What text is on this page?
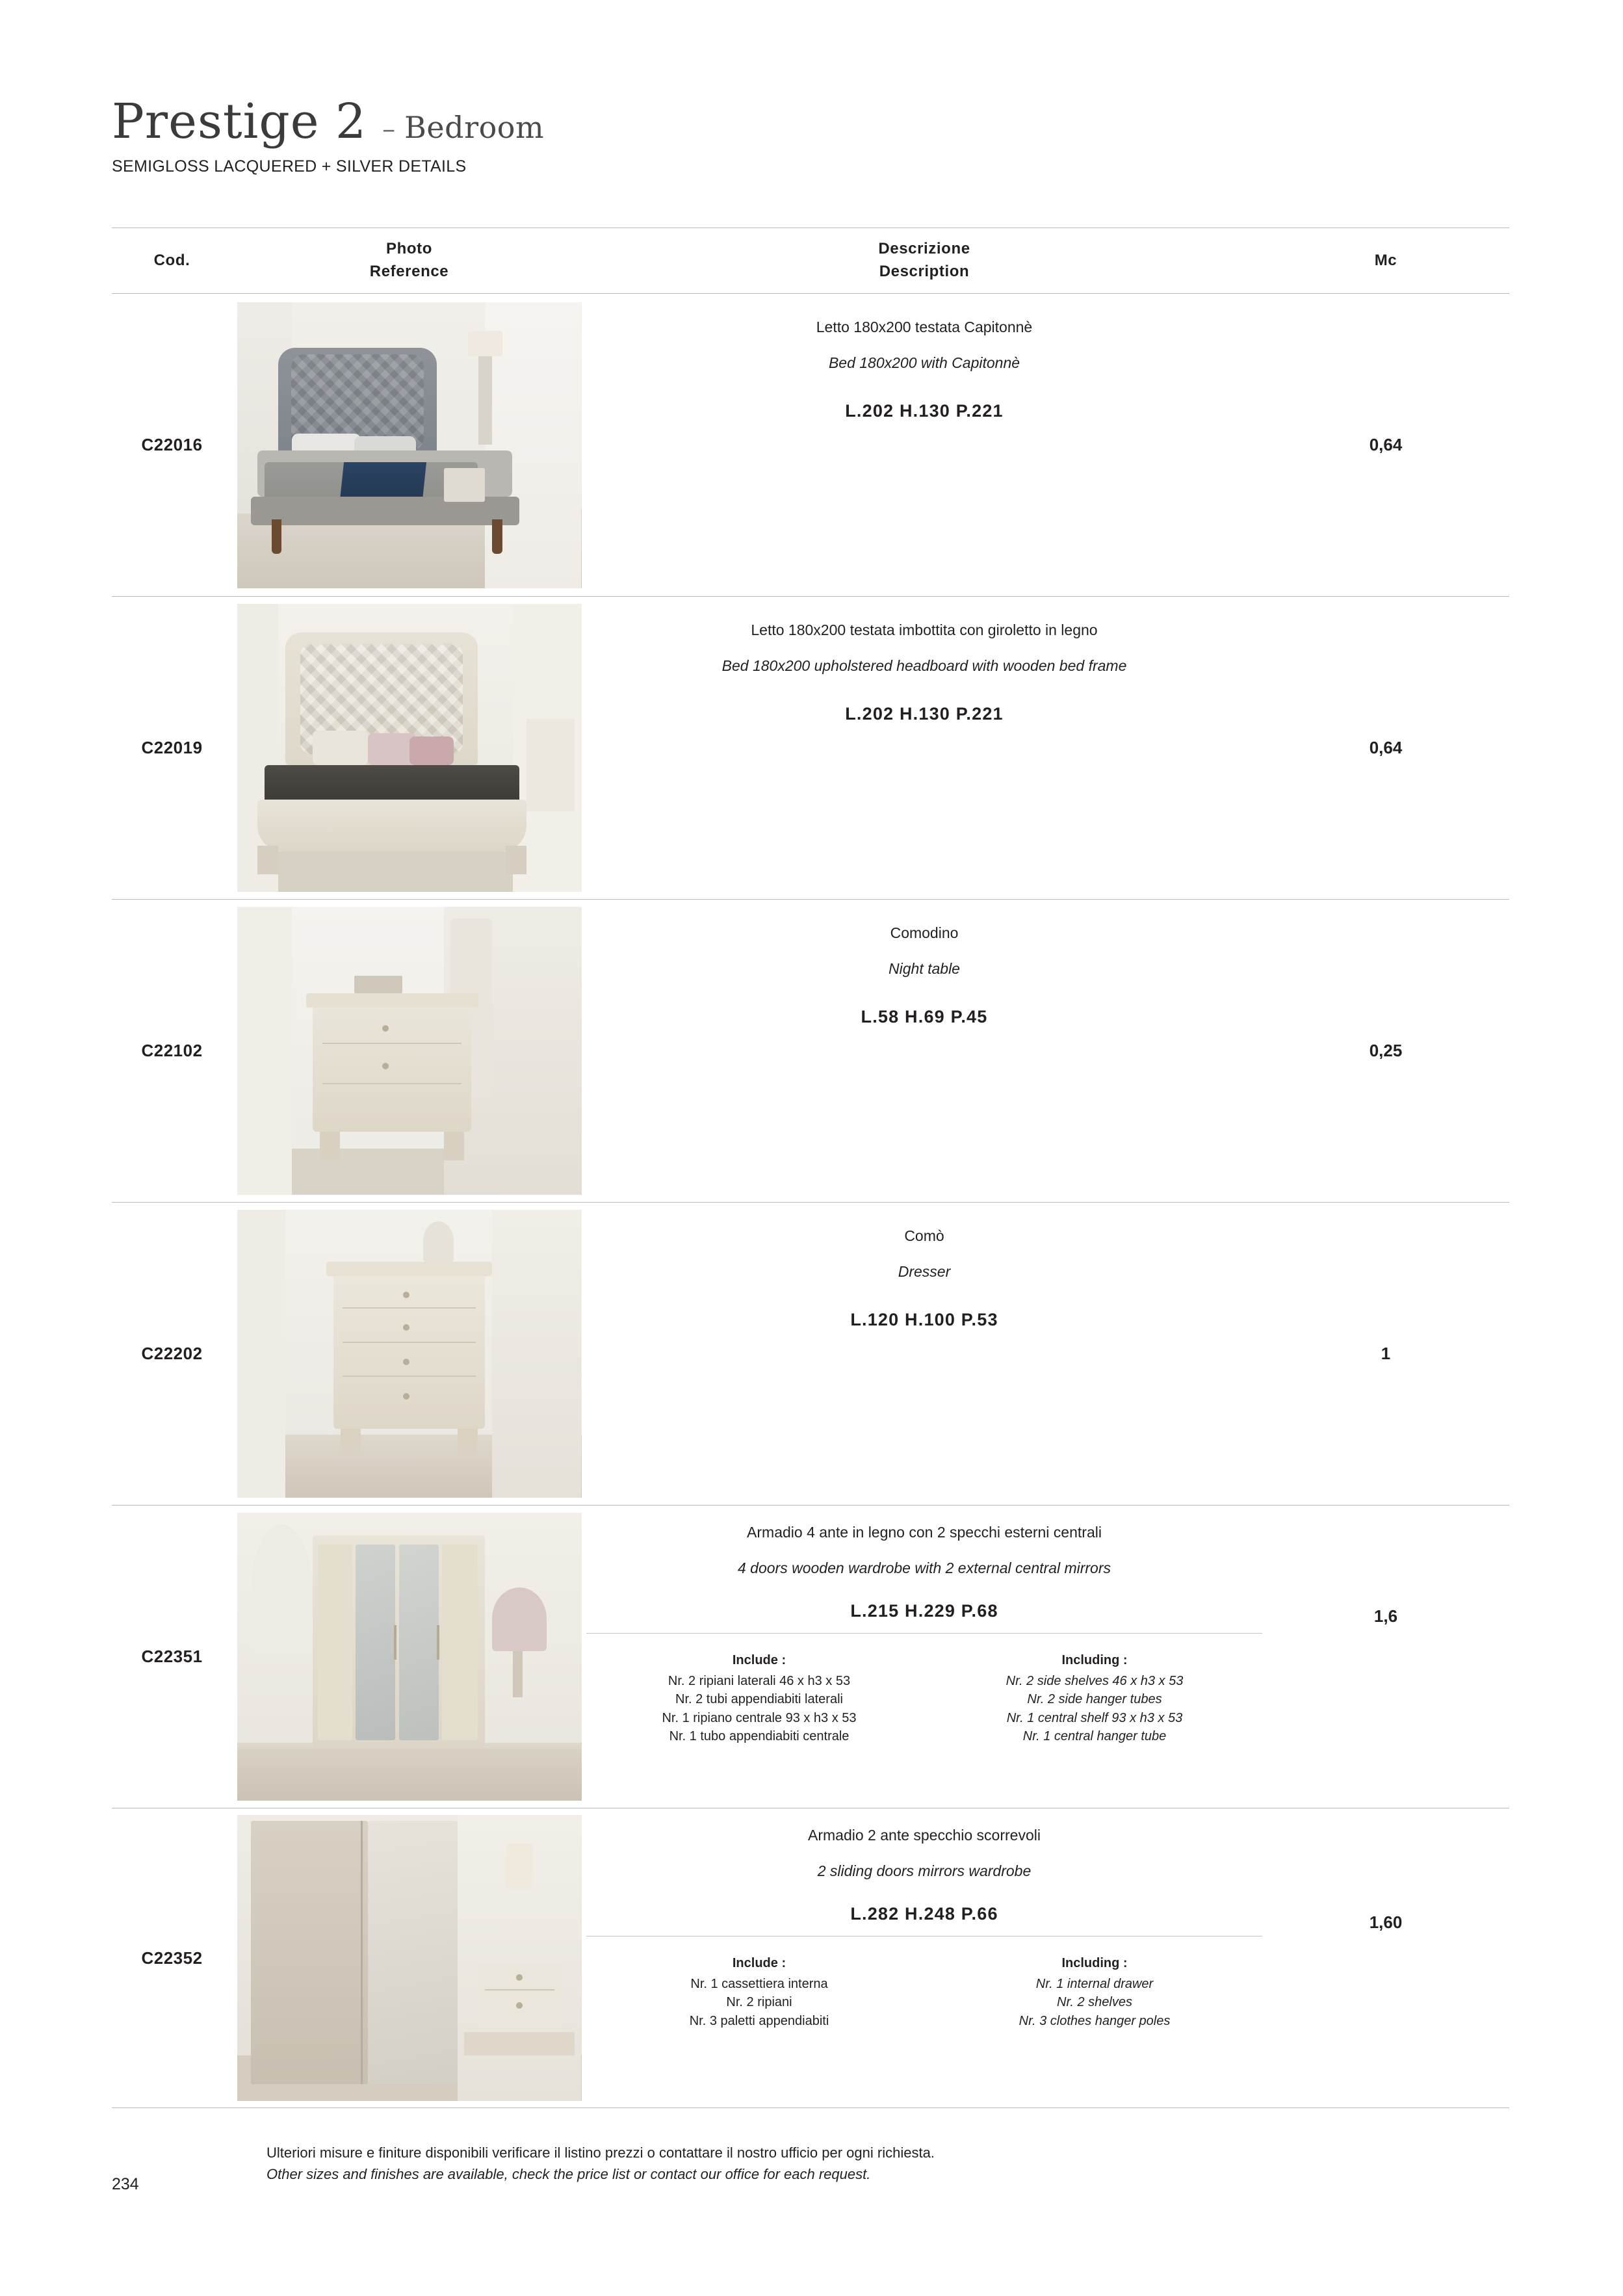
Prestige 2 – Bedroom
SEMIGLOSS LACQUERED + SILVER DETAILS
Cod.
Photo
Reference
Descrizione
Description
Mc
C22016
Letto 180x200 testata Capitonnè
Bed 180x200 with Capitonnè
L.202 H.130 P.221
0,64
C22019
Letto 180x200 testata imbottita con giroletto in legno
Bed 180x200 upholstered headboard with wooden bed frame
L.202 H.130 P.221
0,64
C22102
Comodino
Night table
L.58 H.69 P.45
0,25
C22202
Comò
Dresser
L.120 H.100 P.53
1
C22351
Armadio 4 ante in legno con 2 specchi esterni centrali
4 doors wooden wardrobe with 2 external central mirrors
L.215 H.229 P.68
Include :
Nr. 2 ripiani laterali 46 x h3 x 53
Nr. 2 tubi appendiabiti laterali
Nr. 1 ripiano centrale 93 x h3 x 53
Nr. 1 tubo appendiabiti centrale
Including :
Nr. 2 side shelves 46 x h3 x 53
Nr. 2 side hanger tubes
Nr. 1 central shelf 93 x h3 x 53
Nr. 1 central hanger tube
1,6
C22352
Armadio 2 ante specchio scorrevoli
2 sliding doors mirrors wardrobe
L.282 H.248 P.66
Include :
Nr. 1 cassettiera interna
Nr. 2 ripiani
Nr. 3 paletti appendiabiti
Including :
Nr. 1 internal drawer
Nr. 2 shelves
Nr. 3 clothes hanger poles
1,60
Ulteriori misure e finiture disponibili verificare il listino prezzi o contattare il nostro ufficio per ogni richiesta.
Other sizes and finishes are available, check the price list or contact our office for each request.
234
